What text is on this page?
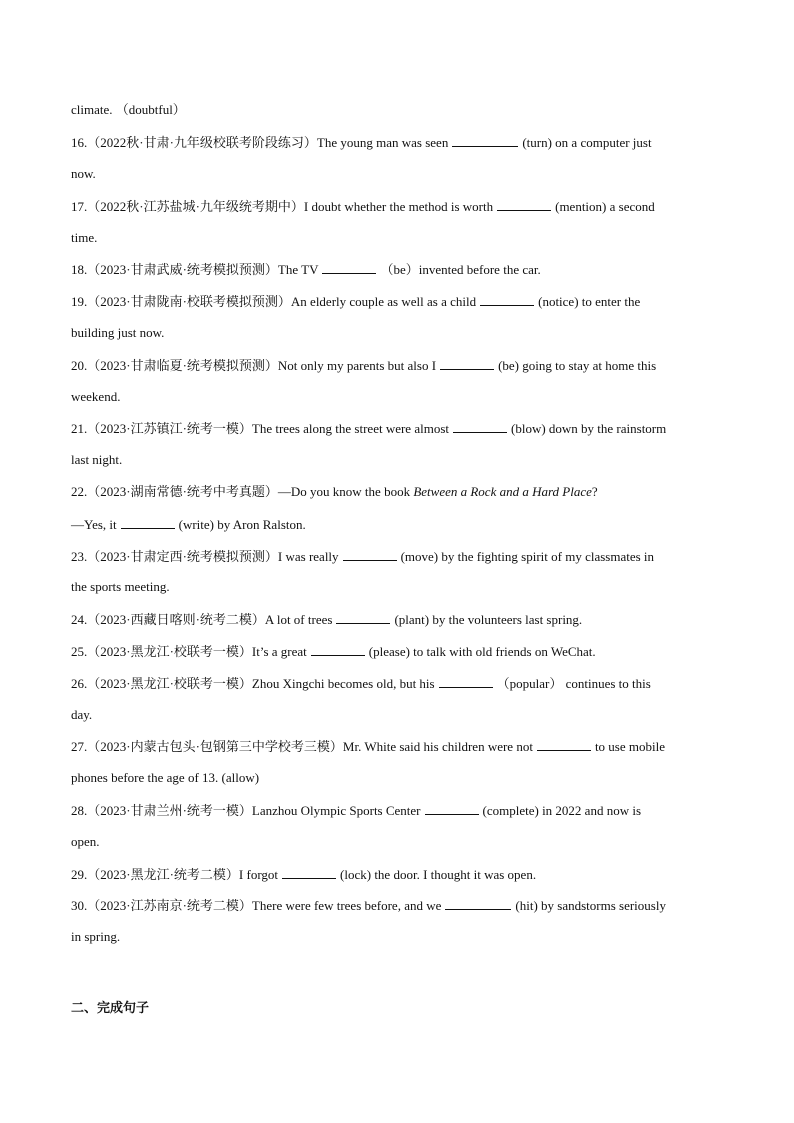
climate. （doubtful）
16.（2022秋·甘肃·九年级校联考阶段练习）The young man was seen	(turn) on a computer just
now.
17.（2022秋·江苏盐城·九年级统考期中）I doubt whether the method is worth	(mention) a second
time.
18.（2023·甘肃武威·统考模拟预测）The TV	（be）invented before the car.
19.（2023·甘肃陇南·校联考模拟预测）An elderly couple as well as a child	(notice) to enter the
building just now.
20.（2023·甘肃临夏·统考模拟预测）Not only my parents but also I	(be) going to stay at home this
weekend.
21.（2023·江苏镇江·统考一模）The trees along the street were almost	(blow) down by the rainstorm
last night.
22.（2023·湖南常德·统考中考真题）—Do you know the book Between a Rock and a Hard Place?
—Yes, it	(write) by Aron Ralston.
23.（2023·甘肃定西·统考模拟预测）I was really	(move) by the fighting spirit of my classmates in
the sports meeting.
24.（2023·西藏日喀则·统考二模）A lot of trees	(plant) by the volunteers last spring.
25.（2023·黑龙江·校联考一模）It’s a great	(please) to talk with old friends on WeChat.
26.（2023·黑龙江·校联考一模）Zhou Xingchi becomes old, but his	（popular） continues to this
day.
27.（2023·内蒙古包头·包钢第三中学校考三模）Mr. White said his children were not	to use mobile
phones before the age of 13. (allow)
28.（2023·甘肃兰州·统考一模）Lanzhou Olympic Sports Center	(complete) in 2022 and now is
open.
29.（2023·黑龙江·统考二模）I forgot	(lock) the door. I thought it was open.
30.（2023·江苏南京·统考二模）There were few trees before, and we	(hit) by sandstorms seriously
in spring.
二、完成句子
